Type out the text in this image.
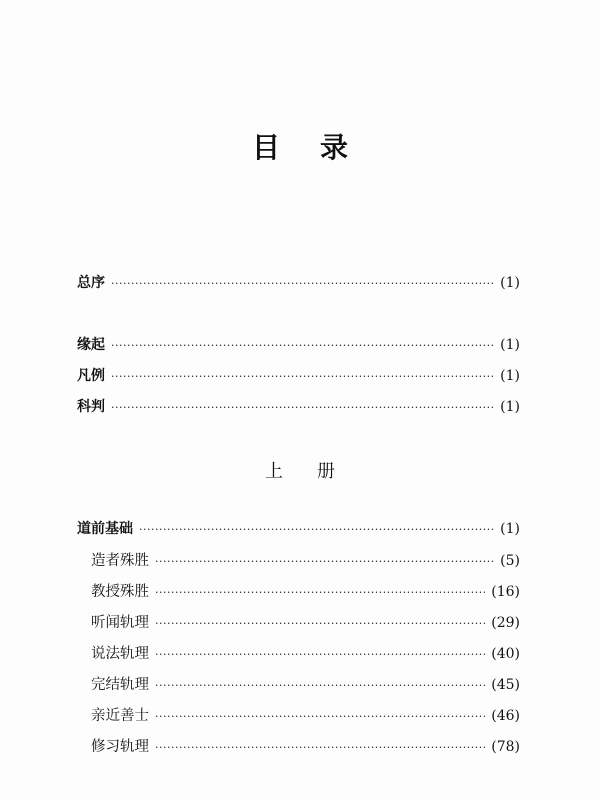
目录
总序 ·····	(1)
缘起 ·····	(1)
凡例 ·····	(1)
科判 ·····	(1)
上册
道前基础 ·····	(1)
造者殊胜 ·····	(5)
教授殊胜 ·····	(16)
听闻轨理 ·····	(29)
说法轨理 ·····	(40)
完结轨理 ·····	(45)
亲近善士 ·····	(46)
修习轨理 ·····	(78)
